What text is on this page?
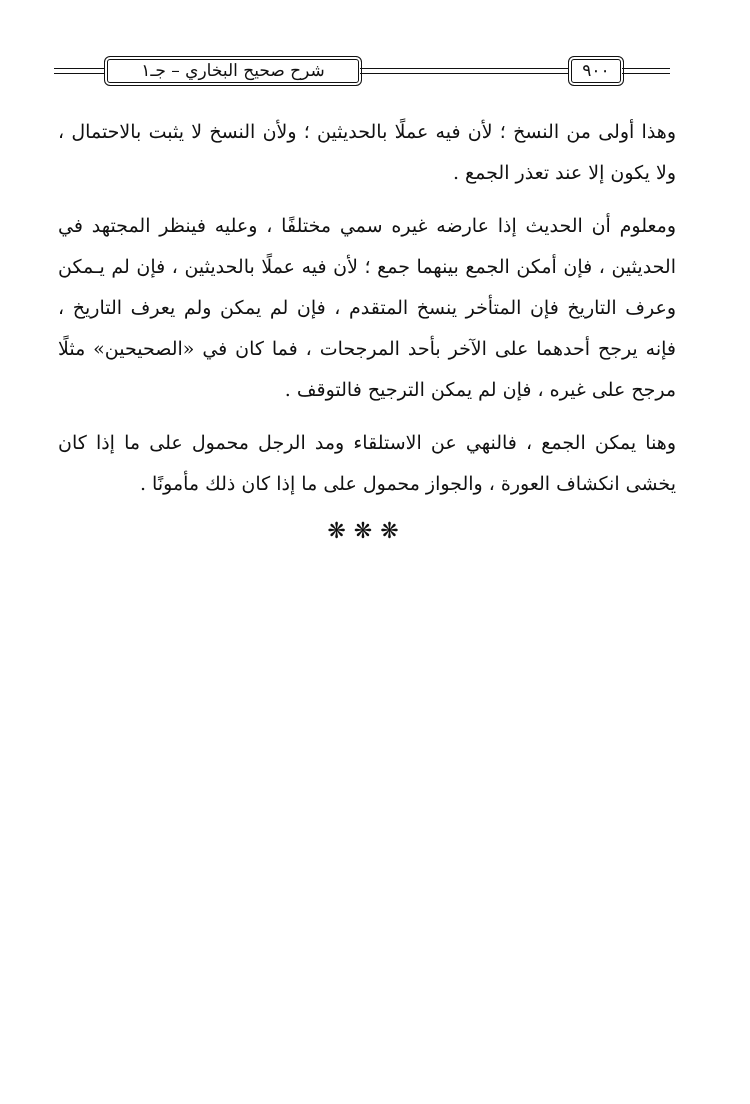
شرح صحيح البخاري – جـ١	٩٠٠

وهذا أولى من النسخ ؛ لأن فيه عملًا بالحديثين ؛ ولأن النسخ لا يثبت بالاحتمال ، ولا يكون إلا عند تعذر الجمع .

ومعلوم أن الحديث إذا عارضه غيره سمي مختلفًا ، وعليه فينظر المجتهد في الحديثين ، فإن أمكن الجمع بينهما جمع ؛ لأن فيه عملًا بالحديثين ، فإن لم يـمكن وعرف التاريخ فإن المتأخر ينسخ المتقدم ، فإن لم يمكن ولم يعرف التاريخ ، فإنه يرجح أحدهما على الآخر بأحد المرجحات ، فما كان في «الصحيحين» مثلًا مرجح على غيره ، فإن لم يمكن الترجيح فالتوقف .

وهنا يمكن الجمع ، فالنهي عن الاستلقاء ومد الرجل محمول على ما إذا كان يخشى انكشاف العورة ، والجواز محمول على ما إذا كان ذلك مأمونًا .

❋❋❋
